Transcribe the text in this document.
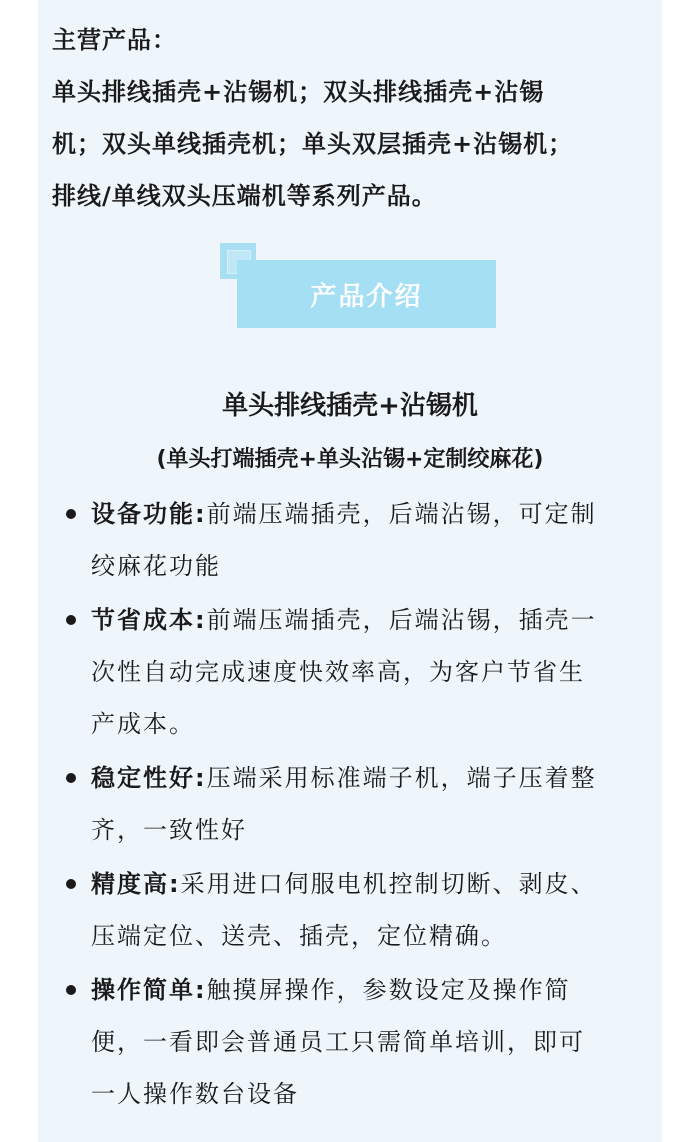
主营产品：
单头排线插壳+沾锡机；双头排线插壳+沾锡
机；双头单线插壳机；单头双层插壳+沾锡机；
排线/单线双头压端机等系列产品。
产品介绍
单头排线插壳+沾锡机
(单头打端插壳+单头沾锡+定制绞麻花)
设备功能:前端压端插壳，后端沾锡，可定制
绞麻花功能
节省成本:前端压端插壳，后端沾锡，插壳一
次性自动完成速度快效率高，为客户节省生
产成本。
稳定性好:压端采用标准端子机，端子压着整
齐，一致性好
精度高:采用进口伺服电机控制切断、剥皮、
压端定位、送壳、插壳，定位精确。
操作简单:触摸屏操作，参数设定及操作简
便，一看即会普通员工只需简单培训，即可
一人操作数台设备
